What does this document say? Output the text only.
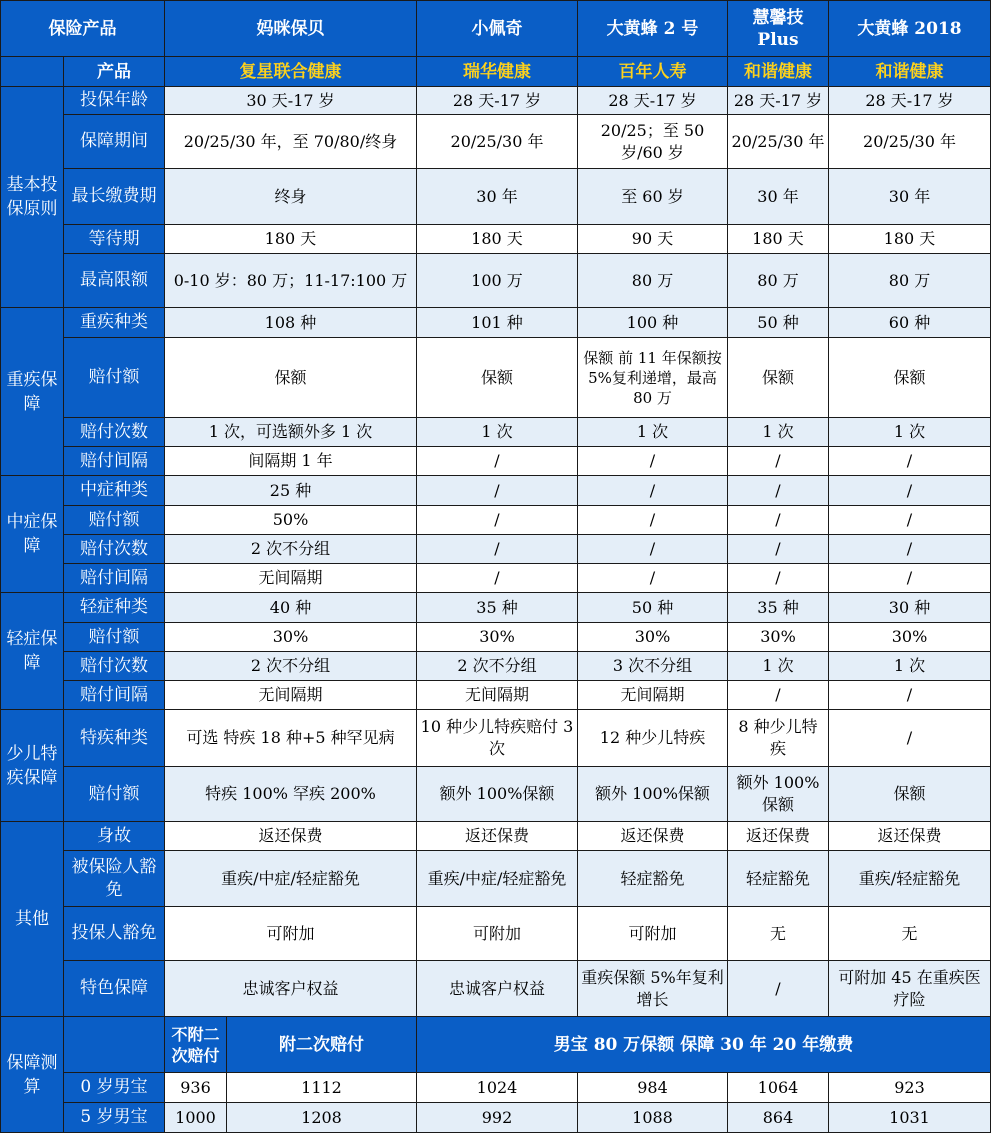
保险产品		妈咪保贝		小佩奇	大黄蜂 2 号	慧馨技 Plus	大黄蜂 2018
	产品	复星联合健康		瑞华健康	百年人寿	和谐健康	和谐健康
基本投保原则	投保年龄	30 天-17 岁		28 天-17 岁	28 天-17 岁	28 天-17 岁	28 天-17 岁
	保障期间	20/25/30 年，至 70/80/终身		20/25/30 年	20/25；至 50 岁/60 岁	20/25/30 年	20/25/30 年
	最长缴费期	终身		30 年	至 60 岁	30 年	30 年
	等待期	180 天		180 天	90 天	180 天	180 天
	最高限额	0-10 岁：80 万；11-17:100 万		100 万	80 万	80 万	80 万
重疾保障	重疾种类	108 种		101 种	100 种	50 种	60 种
	赔付额	保额		保额	保额 前 11 年保额按 5%复利递增，最高 80 万	保额	保额
	赔付次数	1 次，可选额外多 1 次		1 次	1 次	1 次	1 次
	赔付间隔	间隔期 1 年		/	/	/	/
中症保障	中症种类	25 种		/	/	/	/
	赔付额	50%		/	/	/	/
	赔付次数	2 次不分组		/	/	/	/
	赔付间隔	无间隔期		/	/	/	/
轻症保障	轻症种类	40 种		35 种	50 种	35 种	30 种
	赔付额	30%		30%	30%	30%	30%
	赔付次数	2 次不分组		2 次不分组	3 次不分组	1 次	1 次
	赔付间隔	无间隔期		无间隔期	无间隔期	/	/
少儿特疾保障	特疾种类	可选 特疾 18 种+5 种罕见病		10 种少儿特疾赔付 3 次	12 种少儿特疾	8 种少儿特疾	/
	赔付额	特疾 100% 罕疾 200%		额外 100%保额	额外 100%保额	额外 100%保额	保额
其他	身故	返还保费		返还保费	返还保费	返还保费	返还保费
	被保险人豁免	重疾/中症/轻症豁免		重疾/中症/轻症豁免	轻症豁免	轻症豁免	重疾/轻症豁免
	投保人豁免	可附加		可附加	可附加	无	无
	特色保障	忠诚客户权益		忠诚客户权益	重疾保额 5%年复利增长	/	可附加 45 在重疾医疗险
保障测算		不附二次赔付	附二次赔付	男宝 80 万保额 保障 30 年 20 年缴费			
	0 岁男宝	936	1112	1024	984	1064	923
	5 岁男宝	1000	1208	992	1088	864	1031
